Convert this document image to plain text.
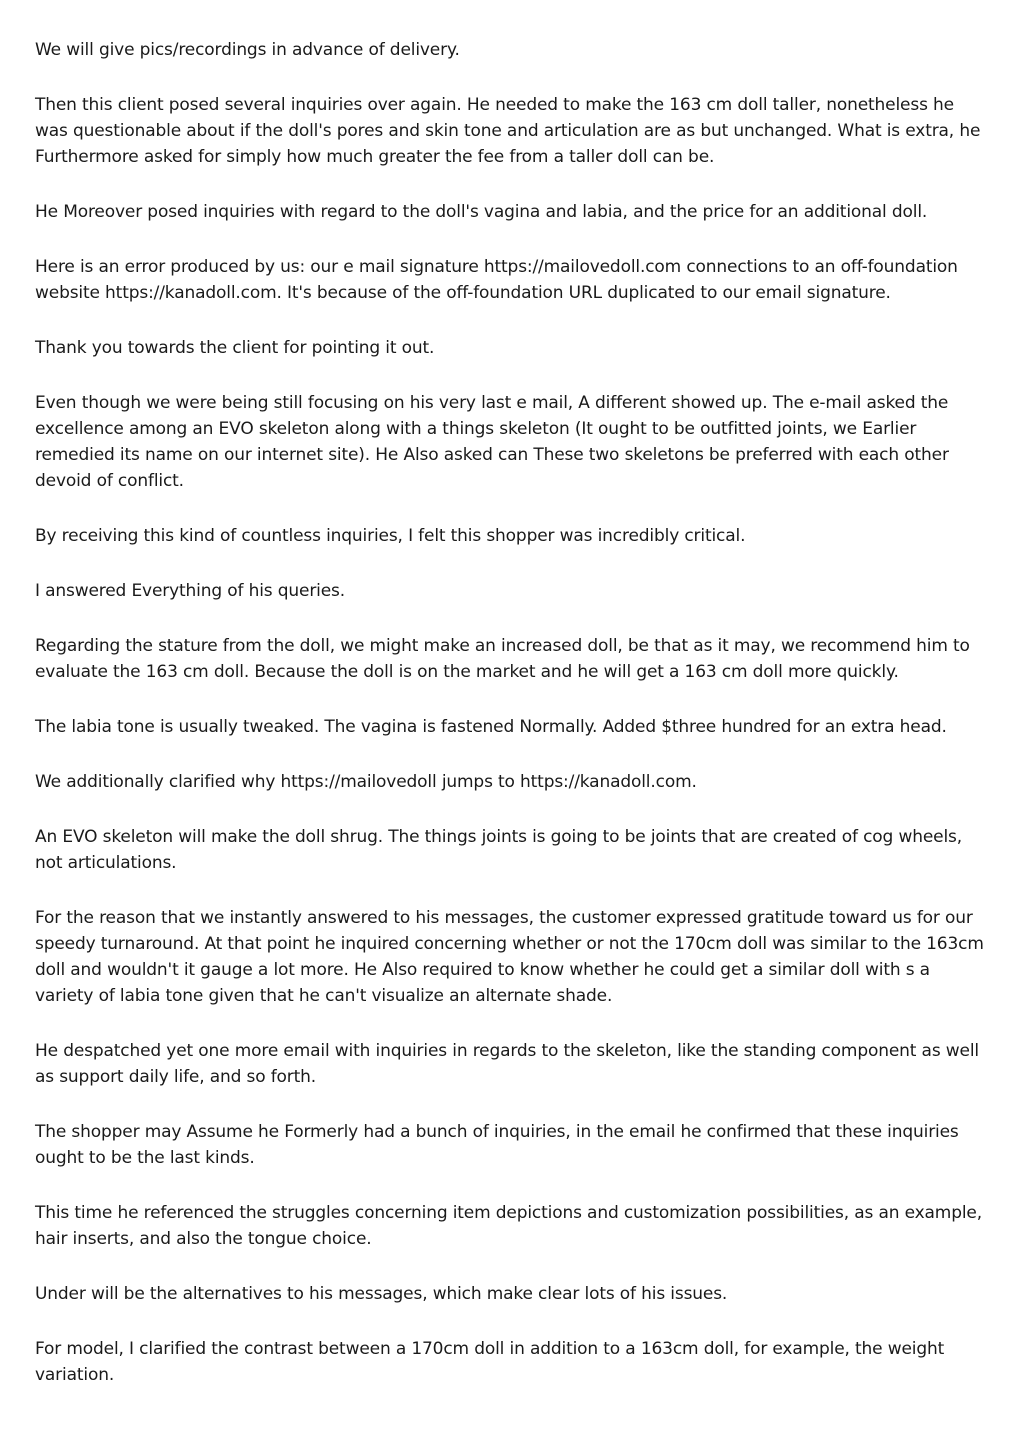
We will give pics/recordings in advance of delivery.

Then this client posed several inquiries over again. He needed to make the 163 cm doll taller, nonetheless he was questionable about if the doll's pores and skin tone and articulation are as but unchanged. What is extra, he Furthermore asked for simply how much greater the fee from a taller doll can be.

He Moreover posed inquiries with regard to the doll's vagina and labia, and the price for an additional doll.

Here is an error produced by us: our e mail signature https://mailovedoll.com connections to an off-foundation website https://kanadoll.com. It's because of the off-foundation URL duplicated to our email signature.

Thank you towards the client for pointing it out.

Even though we were being still focusing on his very last e mail, A different showed up. The e-mail asked the excellence among an EVO skeleton along with a things skeleton (It ought to be outfitted joints, we Earlier remedied its name on our internet site). He Also asked can These two skeletons be preferred with each other devoid of conflict.

By receiving this kind of countless inquiries, I felt this shopper was incredibly critical.

I answered Everything of his queries.

Regarding the stature from the doll, we might make an increased doll, be that as it may, we recommend him to evaluate the 163 cm doll. Because the doll is on the market and he will get a 163 cm doll more quickly.

The labia tone is usually tweaked. The vagina is fastened Normally. Added $three hundred for an extra head.

We additionally clarified why https://mailovedoll jumps to https://kanadoll.com.

An EVO skeleton will make the doll shrug. The things joints is going to be joints that are created of cog wheels, not articulations.

For the reason that we instantly answered to his messages, the customer expressed gratitude toward us for our speedy turnaround. At that point he inquired concerning whether or not the 170cm doll was similar to the 163cm doll and wouldn't it gauge a lot more. He Also required to know whether he could get a similar doll with s a variety of labia tone given that he can't visualize an alternate shade.

He despatched yet one more email with inquiries in regards to the skeleton, like the standing component as well as support daily life, and so forth.

The shopper may Assume he Formerly had a bunch of inquiries, in the email he confirmed that these inquiries ought to be the last kinds.

This time he referenced the struggles concerning item depictions and customization possibilities, as an example, hair inserts, and also the tongue choice.

Under will be the alternatives to his messages, which make clear lots of his issues.

For model, I clarified the contrast between a 170cm doll in addition to a 163cm doll, for example, the weight variation.
